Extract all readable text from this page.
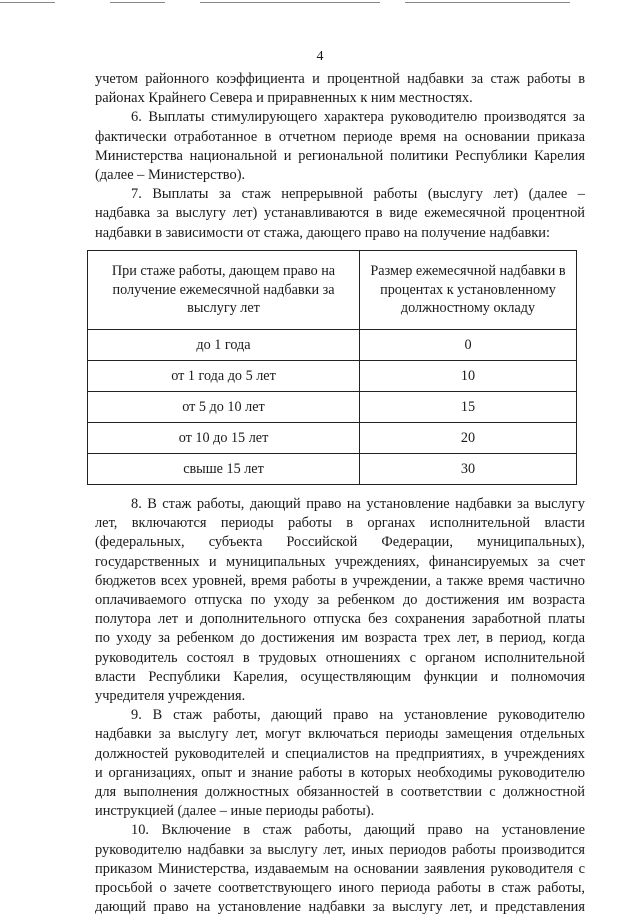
4
учетом районного коэффициента и процентной надбавки за стаж работы в
районах Крайнего Севера и приравненных к ним местностях.
6. Выплаты стимулирующего характера руководителю производятся за
фактически отработанное в отчетном периоде время на основании приказа
Министерства национальной и региональной политики Республики Карелия
(далее – Министерство).
7. Выплаты за стаж непрерывной работы (выслугу лет) (далее –
надбавка за выслугу лет) устанавливаются в виде ежемесячной процентной
надбавки в зависимости от стажа, дающего право на получение надбавки:
При стаже работы, дающем право на получение ежемесячной надбавки за выслугу лет	Размер ежемесячной надбавки в процентах к установленному должностному окладу
до 1 года	0
от 1 года до 5 лет	10
от 5 до 10 лет	15
от 10 до 15 лет	20
свыше 15 лет	30
8. В стаж работы, дающий право на установление надбавки за выслугу
лет, включаются периоды работы в органах исполнительной власти
(федеральных, субъекта Российской Федерации, муниципальных),
государственных и муниципальных учреждениях, финансируемых за счет
бюджетов всех уровней, время работы в учреждении, а также время частично
оплачиваемого отпуска по уходу за ребенком до достижения им возраста
полутора лет и дополнительного отпуска без сохранения заработной платы
по уходу за ребенком до достижения им возраста трех лет, в период, когда
руководитель состоял в трудовых отношениях с органом исполнительной
власти Республики Карелия, осуществляющим функции и полномочия
учредителя учреждения.
9. В стаж работы, дающий право на установление руководителю
надбавки за выслугу лет, могут включаться периоды замещения отдельных
должностей руководителей и специалистов на предприятиях, в учреждениях
и организациях, опыт и знание работы в которых необходимы руководителю
для выполнения должностных обязанностей в соответствии с должностной
инструкцией (далее – иные периоды работы).
10. Включение в стаж работы, дающий право на установление
руководителю надбавки за выслугу лет, иных периодов работы производится
приказом Министерства, издаваемым на основании заявления руководителя с
просьбой о зачете соответствующего иного периода работы в стаж работы,
дающий право на установление надбавки за выслугу лет, и представления
